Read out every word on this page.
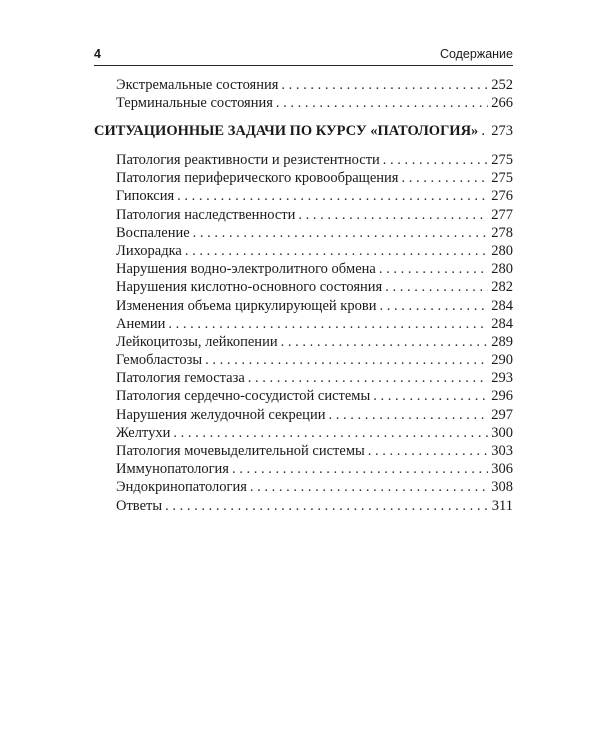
4	Содержание
Экстремальные состояния . . .	252
Терминальные состояния . . .	266
СИТУАЦИОННЫЕ ЗАДАЧИ ПО КУРСУ «ПАТОЛОГИЯ» . . . 273
Патология реактивности и резистентности . . .	275
Патология периферического кровообращения . . .	275
Гипоксия . . .	276
Патология наследственности . . .	277
Воспаление . . .	278
Лихорадка . . .	280
Нарушения водно-электролитного обмена . . .	280
Нарушения кислотно-основного состояния . . .	282
Изменения объема циркулирующей крови . . .	284
Анемии . . .	284
Лейкоцитозы, лейкопении . . .	289
Гемобластозы . . .	290
Патология гемостаза . . .	293
Патология сердечно-сосудистой системы . . .	296
Нарушения желудочной секреции . . .	297
Желтухи . . .	300
Патология мочевыделительной системы . . .	303
Иммунопатология . . .	306
Эндокринопатология . . .	308
Ответы . . .	311
